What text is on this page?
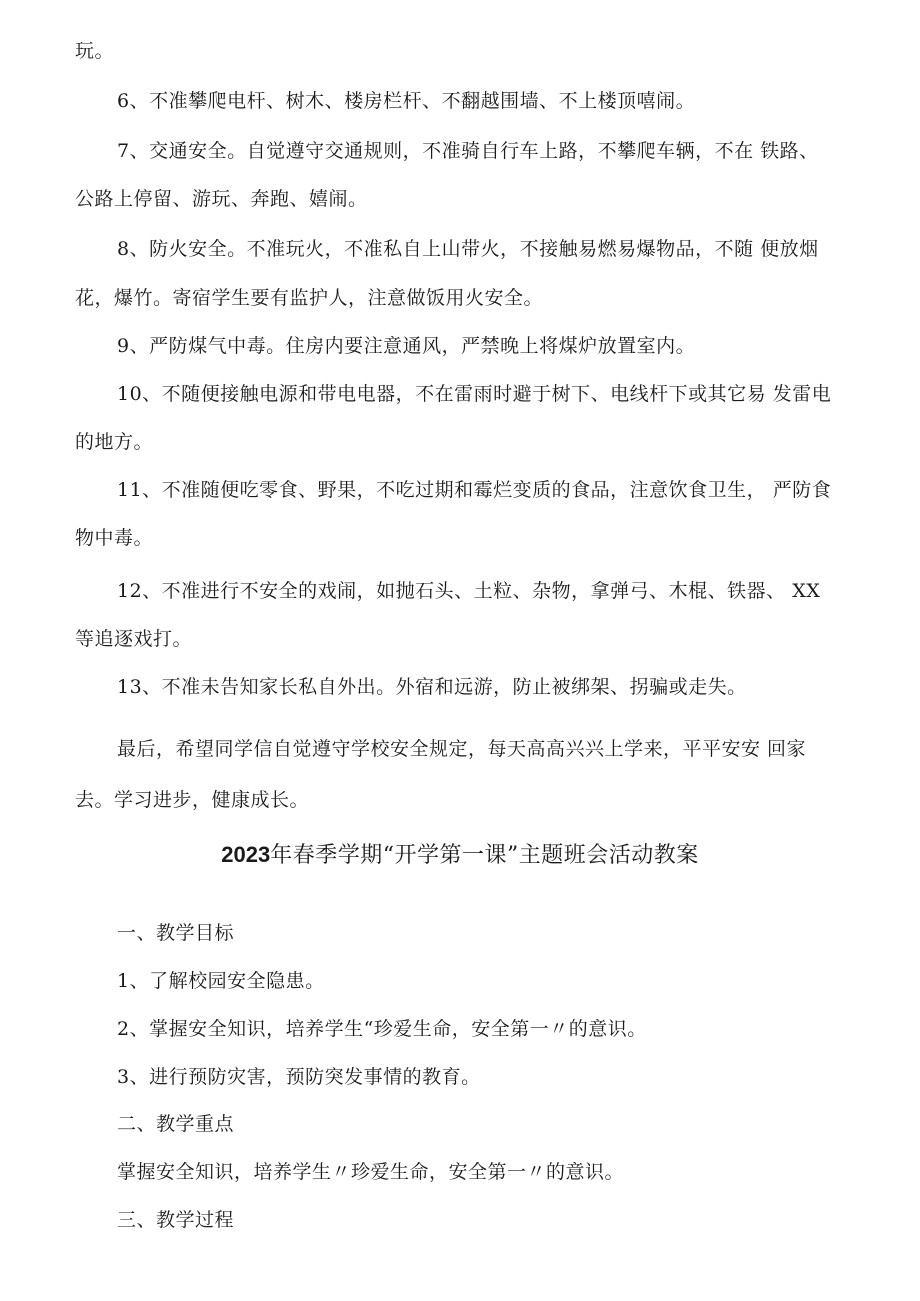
玩。
6、不准攀爬电杆、树木、楼房栏杆、不翻越围墙、不上楼顶嘻闹。
7、交通安全。自觉遵守交通规则，不准骑自行车上路，不攀爬车辆，不在 铁路、
公路上停留、游玩、奔跑、嬉闹。
8、防火安全。不准玩火，不准私自上山带火，不接触易燃易爆物品，不随 便放烟
花，爆竹。寄宿学生要有监护人，注意做饭用火安全。
9、严防煤气中毒。住房内要注意通风，严禁晚上将煤炉放置室内。
10、不随便接触电源和带电电器，不在雷雨时避于树下、电线杆下或其它易 发雷电
的地方。
11、不准随便吃零食、野果，不吃过期和霉烂变质的食品，注意饮食卫生， 严防食
物中毒。
12、不准进行不安全的戏闹，如抛石头、土粒、杂物，拿弹弓、木棍、铁器、 XX
等追逐戏打。
13、不准未告知家长私自外出。外宿和远游，防止被绑架、拐骗或走失。
最后，希望同学信自觉遵守学校安全规定，每天高高兴兴上学来，平平安安 回家
去。学习进步，健康成长。
2023年春季学期“开学第一课”主题班会活动教案
一、教学目标
1、了解校园安全隐患。
2、掌握安全知识，培养学生“珍爱生命，安全第一〃的意识。
3、进行预防灾害，预防突发事情的教育。
二、教学重点
掌握安全知识，培养学生〃珍爱生命，安全第一〃的意识。
三、教学过程
